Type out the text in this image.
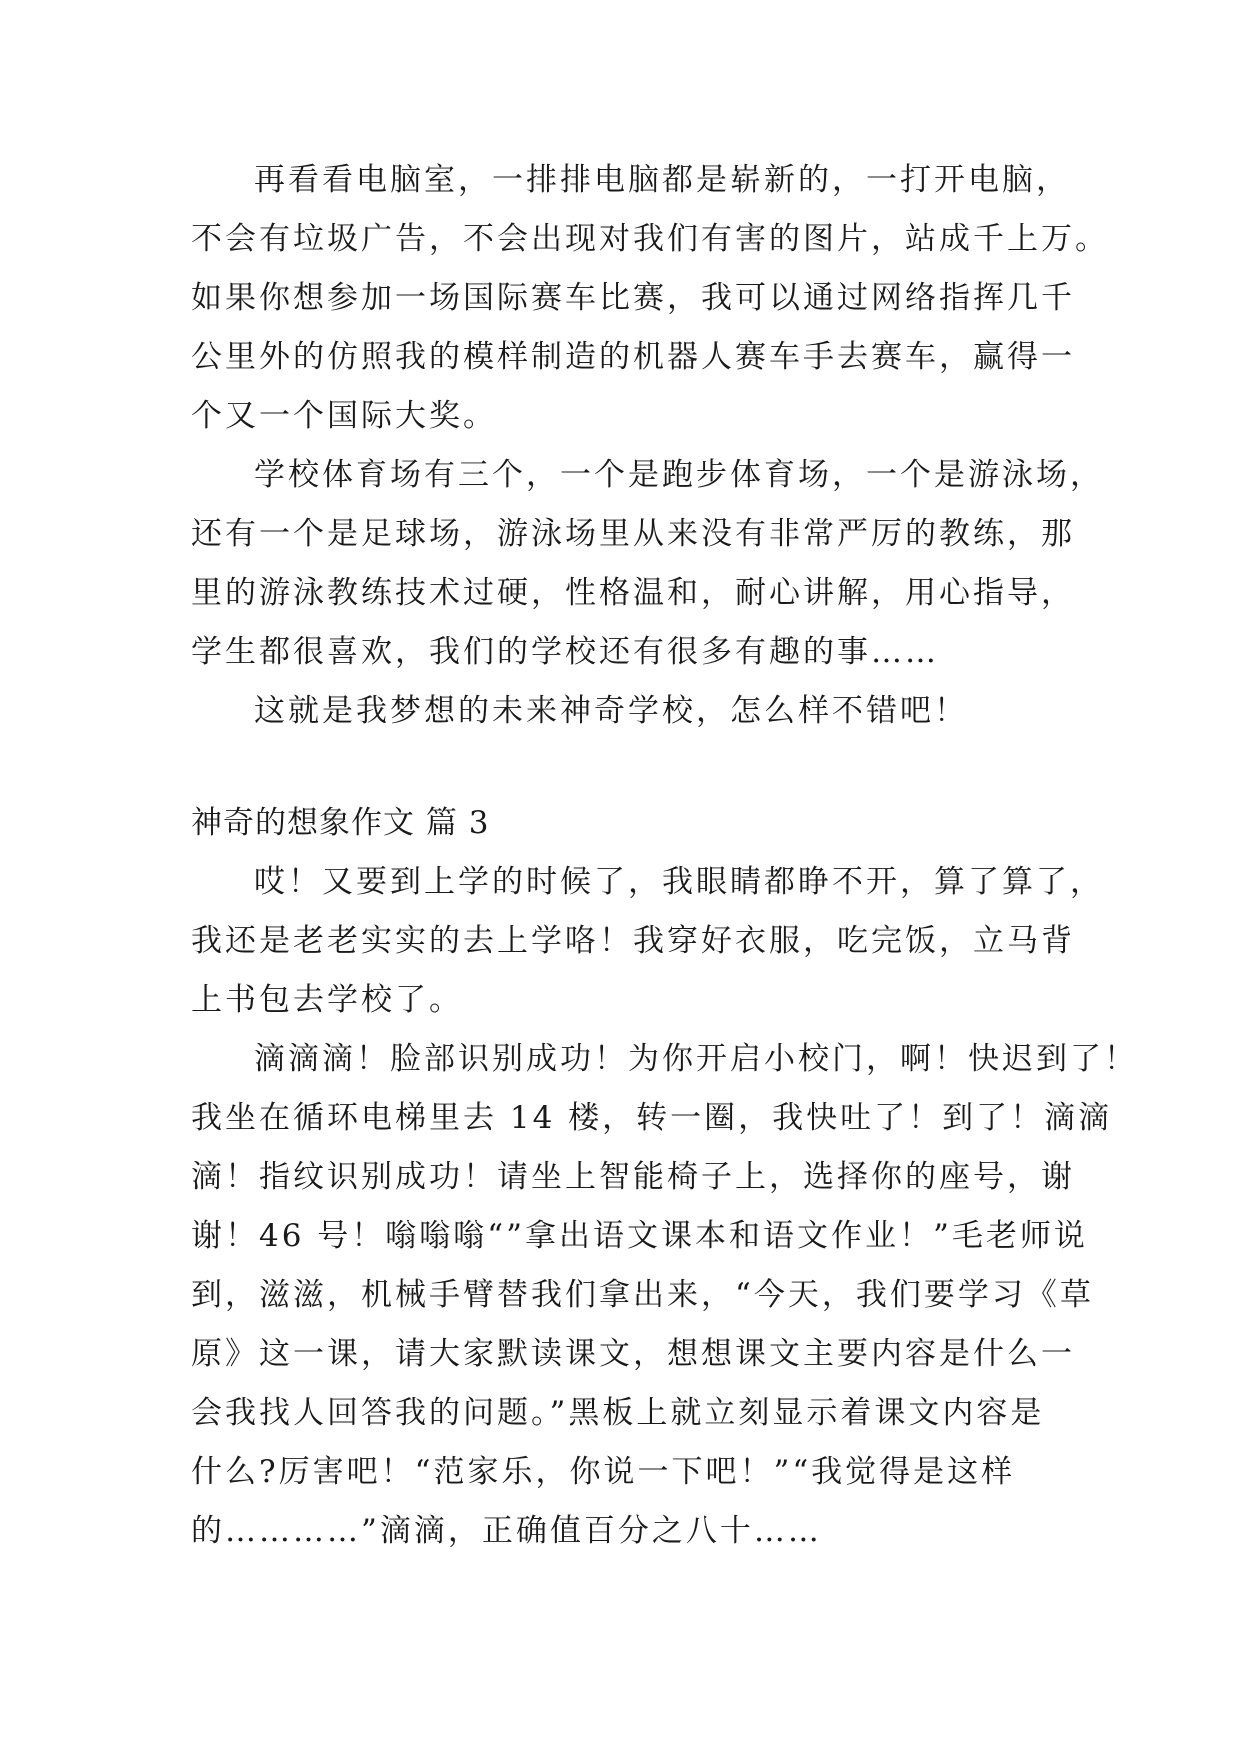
再看看电脑室，一排排电脑都是崭新的，一打开电脑，
不会有垃圾广告，不会出现对我们有害的图片，站成千上万。
如果你想参加一场国际赛车比赛，我可以通过网络指挥几千
公里外的仿照我的模样制造的机器人赛车手去赛车，赢得一
个又一个国际大奖。
学校体育场有三个，一个是跑步体育场，一个是游泳场，
还有一个是足球场，游泳场里从来没有非常严厉的教练，那
里的游泳教练技术过硬，性格温和，耐心讲解，用心指导，
学生都很喜欢，我们的学校还有很多有趣的事……
这就是我梦想的未来神奇学校，怎么样不错吧！
神奇的想象作文 篇 3
哎！又要到上学的时候了，我眼睛都睁不开，算了算了，
我还是老老实实的去上学咯！我穿好衣服，吃完饭，立马背
上书包去学校了。
滴滴滴！脸部识别成功！为你开启小校门，啊！快迟到了！
我坐在循环电梯里去 14 楼，转一圈，我快吐了！到了！滴滴
滴！指纹识别成功！请坐上智能椅子上，选择你的座号，谢
谢！46 号！嗡嗡嗡“”拿出语文课本和语文作业！”毛老师说
到，滋滋，机械手臂替我们拿出来，“今天，我们要学习《草
原》这一课，请大家默读课文，想想课文主要内容是什么一
会我找人回答我的问题。”黑板上就立刻显示着课文内容是
什么?厉害吧！“范家乐，你说一下吧！”“我觉得是这样
的…………”滴滴，正确值百分之八十……
